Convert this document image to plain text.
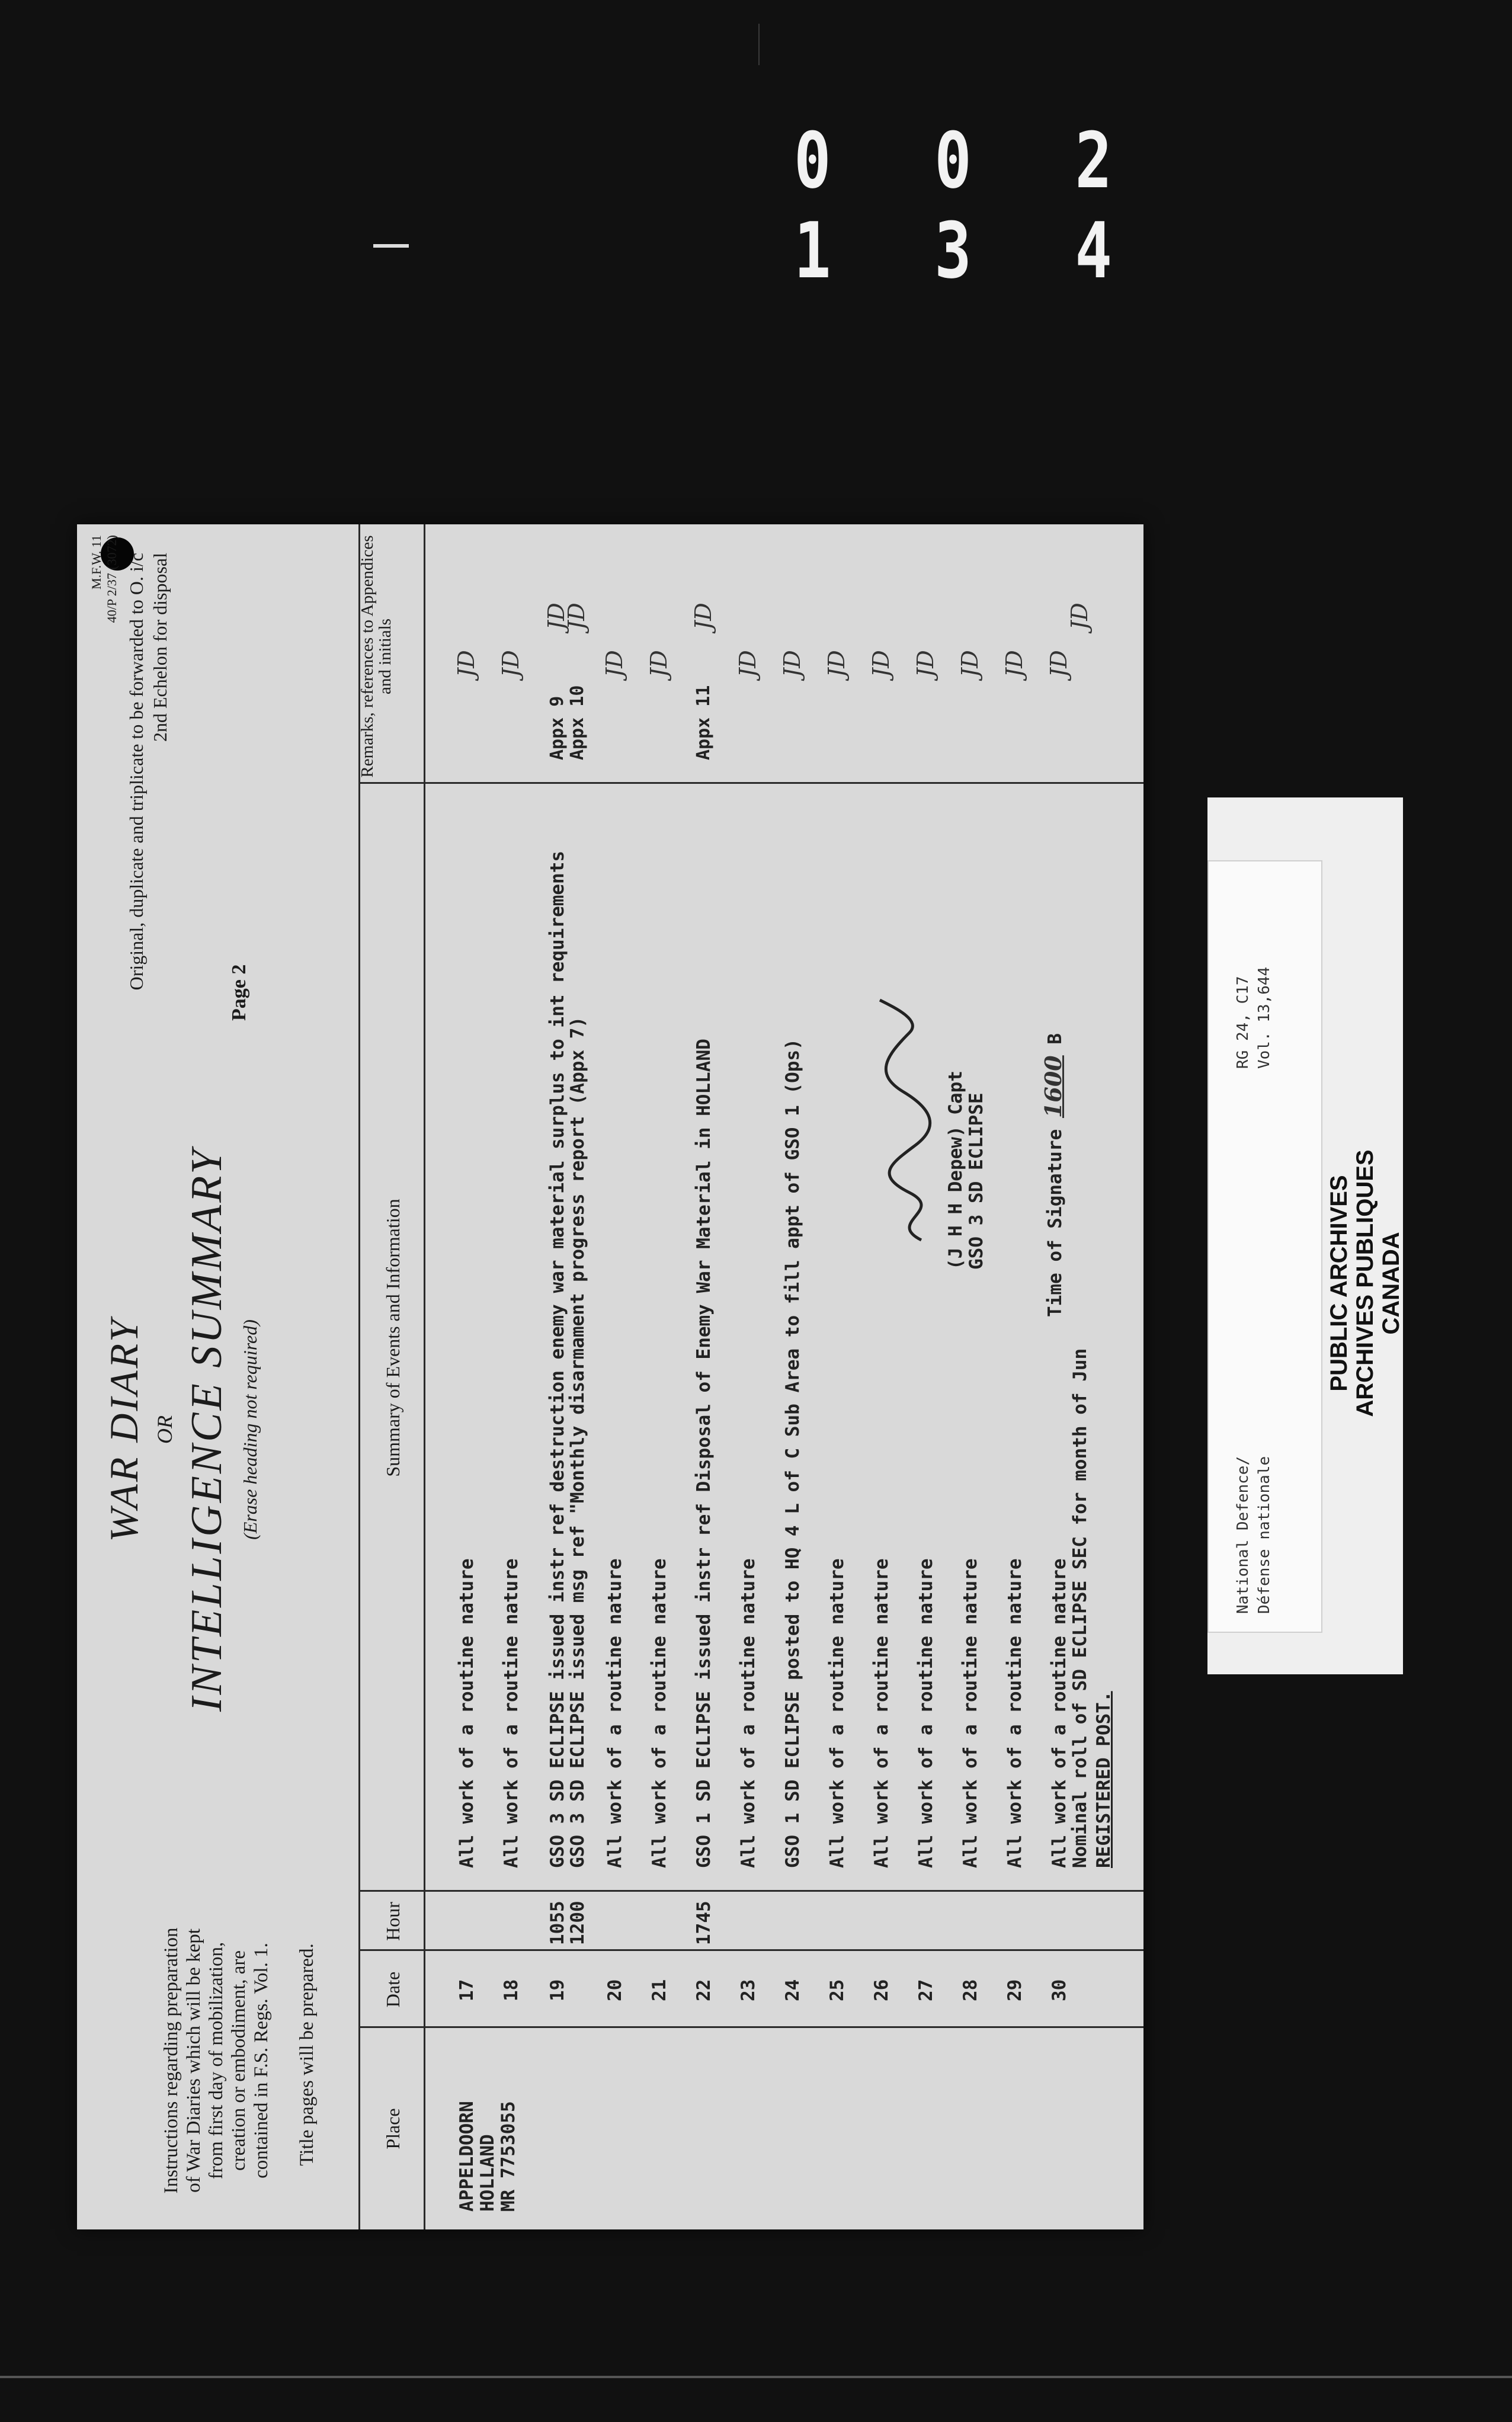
0 0 2 1 3 4
Instructions regarding preparation of War Diaries which will be kept from first day of mobilization, creation or embodiment, are contained in F.S. Regs. Vol. 1. Title pages will be prepared.
WAR DIARY OR INTELLIGENCE SUMMARY (Erase heading not required)
M.F.W. 11
40/P 2/37 (3072)
Original, duplicate and triplicate to be forwarded to O. i/c 2nd Echelon for disposal
Page 2
Place
Date
Hour
Summary of Events and Information
Remarks, references to Appendices and initials
APPELDOORN HOLLAND MR 7753055
17
All work of a routine nature
JD
18
All work of a routine nature
JD
19
1055
GSO 3 SD ECLIPSE issued instr ref destruction enemy war material surplus to int requirements
Appx 9
JD
1200
GSO 3 SD ECLIPSE issued msg ref "Monthly disarmament progress report (Appx 7)
Appx 10
JD
20
All work of a routine nature
JD
21
All work of a routine nature
JD
22
1745
GSO 1 SD ECLIPSE issued instr ref Disposal of Enemy War Material in HOLLAND
Appx 11
JD
23
All work of a routine nature
JD
24
GSO 1 SD ECLIPSE posted to HQ 4 L of C Sub Area to fill appt of GSO 1 (Ops)
JD
25
All work of a routine nature
JD
26
All work of a routine nature
JD
27
All work of a routine nature
JD
28
All work of a routine nature
JD
29
All work of a routine nature
JD
30
All work of a routine nature
JD
Nominal roll of SD ECLIPSE SEC for month of Jun
JD
(J H H Depew) Capt GSO 3 SD ECLIPSE	Time of Signature 1600 B
REGISTERED POST.
National Defence/ Défense nationale
RG 24, C17 Vol. 13,644
PUBLIC ARCHIVES ARCHIVES PUBLIQUES CANADA
